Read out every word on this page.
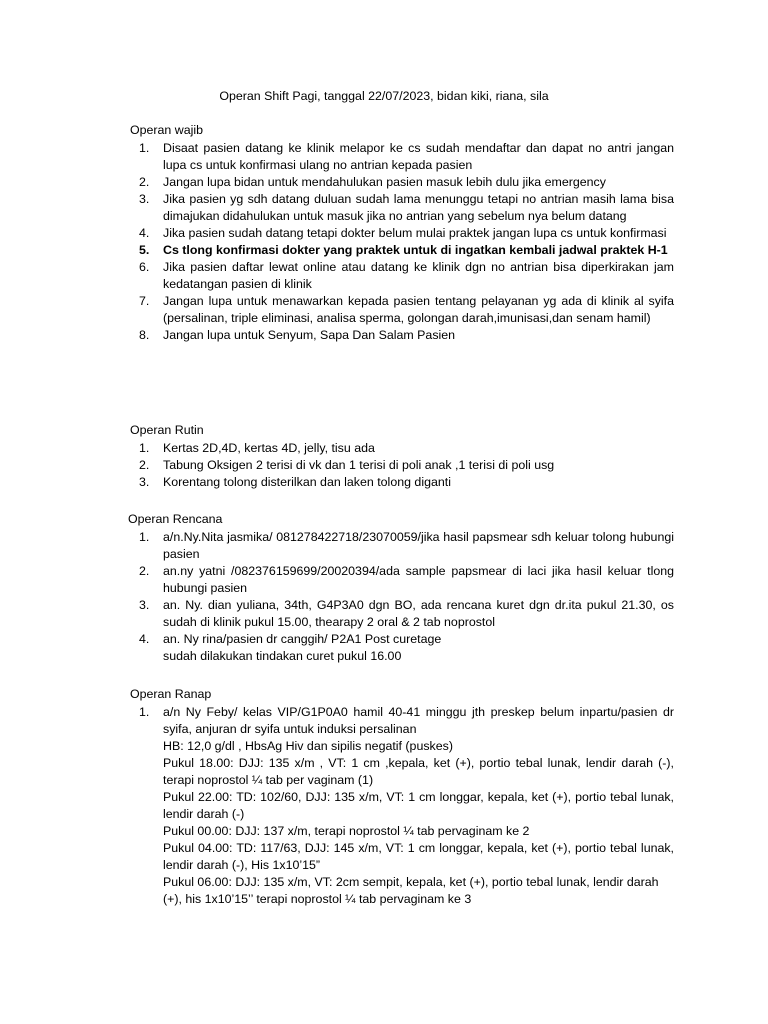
Operan Shift Pagi, tanggal 22/07/2023, bidan kiki, riana, sila
Operan wajib
1. Disaat pasien datang ke klinik melapor ke cs sudah mendaftar dan dapat no antri jangan lupa cs untuk konfirmasi ulang no antrian kepada pasien
2. Jangan lupa bidan untuk mendahulukan pasien masuk lebih dulu jika emergency
3. Jika pasien yg sdh datang duluan sudah lama menunggu tetapi no antrian masih lama bisa dimajukan didahulukan untuk masuk jika no antrian yang sebelum nya belum datang
4. Jika pasien sudah datang tetapi dokter belum mulai praktek jangan lupa cs untuk konfirmasi
5. Cs tlong konfirmasi dokter yang praktek untuk di ingatkan kembali jadwal praktek H-1
6. Jika pasien daftar lewat online atau datang ke klinik dgn no antrian bisa diperkirakan jam kedatangan pasien di klinik
7. Jangan lupa untuk menawarkan kepada pasien tentang pelayanan yg ada di klinik al syifa (persalinan, triple eliminasi, analisa sperma, golongan darah,imunisasi,dan senam hamil)
8. Jangan lupa untuk Senyum, Sapa Dan Salam Pasien
Operan Rutin
1. Kertas 2D,4D, kertas 4D, jelly, tisu ada
2. Tabung Oksigen 2 terisi di vk dan 1 terisi di poli anak ,1 terisi di poli usg
3. Korentang tolong disterilkan dan laken tolong diganti
Operan Rencana
1. a/n.Ny.Nita jasmika/ 081278422718/23070059/jika hasil papsmear sdh keluar tolong hubungi pasien
2. an.ny yatni /082376159699/20020394/ada sample papsmear di laci jika hasil keluar tlong hubungi pasien
3. an. Ny. dian yuliana, 34th, G4P3A0 dgn BO, ada rencana kuret dgn dr.ita pukul 21.30, os sudah di klinik pukul 15.00, thearapy 2 oral & 2 tab noprostol
4. an. Ny rina/pasien dr canggih/ P2A1 Post curetage
sudah dilakukan tindakan curet pukul 16.00
Operan Ranap
1. a/n Ny Feby/ kelas VIP/G1P0A0 hamil 40-41 minggu jth preskep belum inpartu/pasien dr syifa, anjuran dr syifa untuk induksi persalinan
HB: 12,0 g/dl , HbsAg Hiv dan sipilis negatif (puskes)
Pukul 18.00: DJJ: 135 x/m , VT: 1 cm ,kepala, ket (+), portio tebal lunak, lendir darah (-), terapi noprostol ¼ tab per vaginam (1)
Pukul 22.00: TD: 102/60, DJJ: 135 x/m, VT: 1 cm longgar, kepala, ket (+), portio tebal lunak, lendir darah (-)
Pukul 00.00: DJJ: 137 x/m, terapi noprostol ¼ tab pervaginam ke 2
Pukul 04.00: TD: 117/63, DJJ: 145 x/m, VT: 1 cm longgar, kepala, ket (+), portio tebal lunak, lendir darah (-), His 1x10’15”
Pukul 06.00: DJJ: 135 x/m, VT: 2cm sempit, kepala, ket (+), portio tebal lunak, lendir darah
(+), his 1x10’15’’ terapi noprostol ¼ tab pervaginam ke 3
